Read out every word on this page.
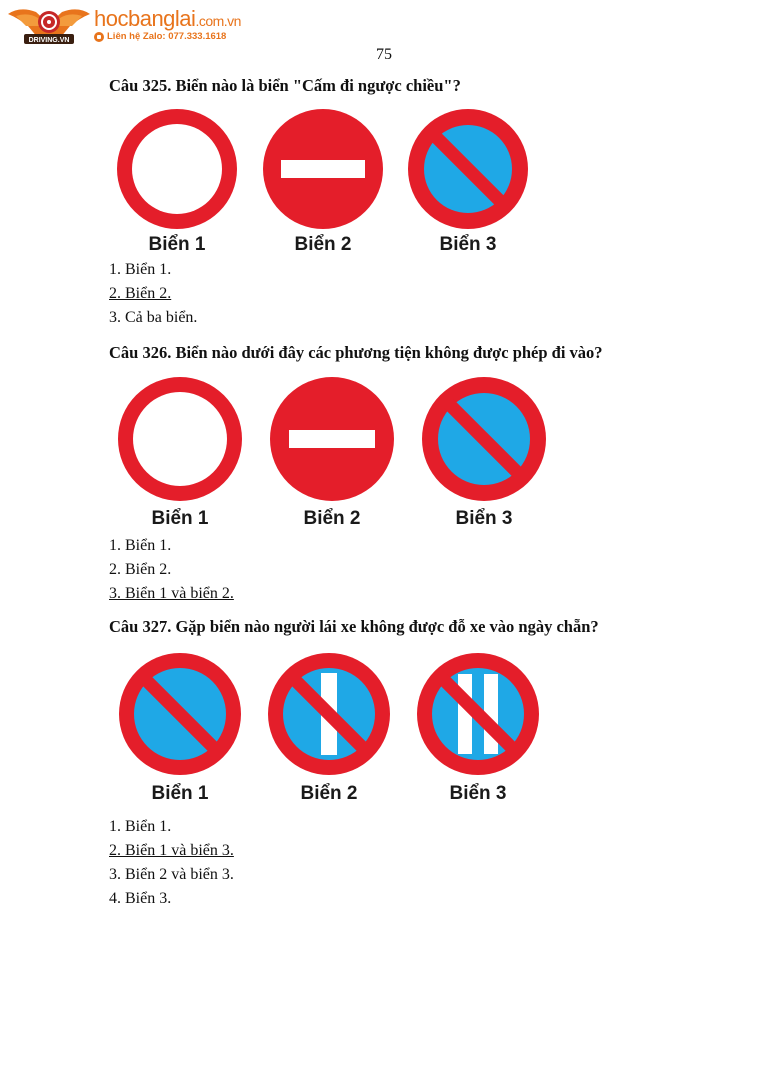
DRIVING.VN
hocbanglai.com.vn
Liên hệ Zalo: 077.333.1618
75
Câu 325. Biển nào là biển "Cấm đi ngược chiều"?
Biển 1	Biển 2	Biển 3
1. Biển 1.
2. Biển 2.
3. Cả ba biển.
Câu 326. Biển nào dưới đây các phương tiện không được phép đi vào?
Biển 1	Biển 2	Biển 3
1. Biển 1.
2. Biển 2.
3. Biển 1 và biển 2.
Câu 327. Gặp biển nào người lái xe không được đỗ xe vào ngày chẵn?
Biển 1	Biển 2	Biển 3
1. Biển 1.
2. Biển 1 và biển 3.
3. Biển 2 và biển 3.
4. Biển 3.
